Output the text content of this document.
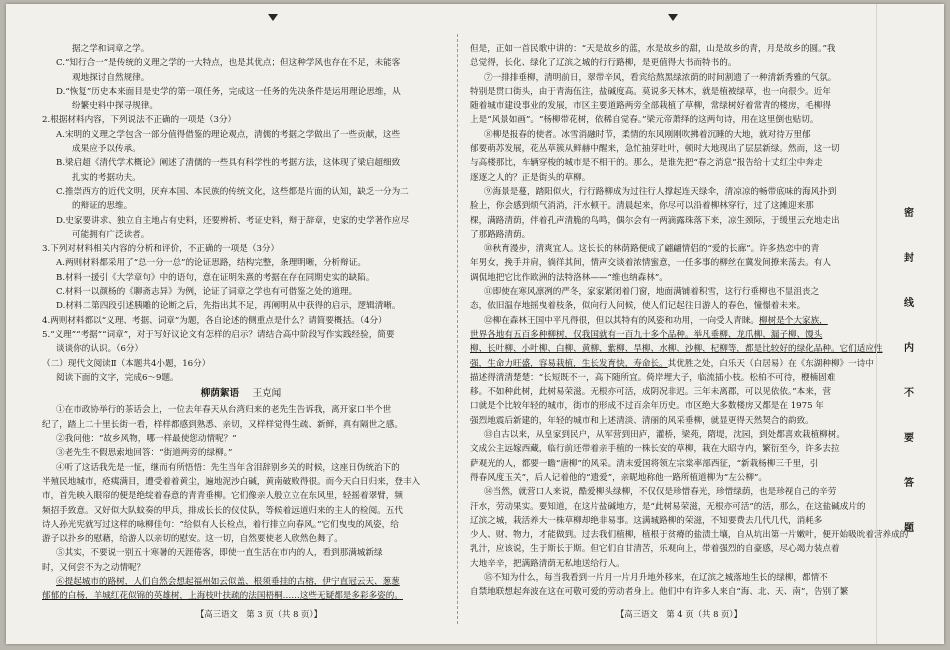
据之学和词章之学。
C.“知行合一”是传统的义理之学的一大特点，也是其优点；但这种学风也存在不足，未能客
观地探讨自然规律。
D.“恢复”历史本来面目是史学的第一项任务，完成这一任务的先决条件是运用理论思维，从
纷繁史料中探寻规律。
2.根据材料内容，下列说法不正确的一项是（3分）
A.宋明的义理之学包含一部分值得借鉴的理论观点，清儒的考据之学做出了一些贡献，这些
成果应予以传承。
B.梁启超《清代学术概论》阐述了清儒的一些具有科学性的考据方法，这体现了梁启超细致
扎实的考据功夫。
C.推崇西方的近代文明，厌弃本国、本民族的传统文化，这些都是片面的认知，缺乏一分为二
的辩证的思维。
D.史家要讲求、独立自主地占有史料，还要辨析、考证史料，辩于辞章，史家的史学著作应尽
可能拥有广泛读者。
3.下列对材料相关内容的分析和评价，不正确的一项是（3分）
A.两则材料都采用了“总一分一总”的论证思路，结构完整，条理明晰，分析辩证。
B.材料一援引《大学章句》中的语句，意在证明朱熹的考据在存在同期史实的缺陷。
C.材料一以颜杨的《聊斋志异》为例，论证了词章之学也有可借鉴之处的道理。
D.材料二第四段引述胰雕的论断之后，先指出其不足，再阐明从中获得的启示，逻辑清晰。
4.两则材料都以“义理、考据、词章”为题，各自论述的侧重点是什么？请简要概括。（4分）
5.“义理”“考据”“词章”，对于写好议论文有怎样的启示？请结合高中阶段写作实践经验，简要
谈谈你的认识。（6分）
（二）现代文阅读Ⅱ（本题共4小题，16分）
阅读下面的文字，完成6～9题。
柳荫絮语 王克闻
①在市政协举行的茶话会上，一位去年春天从台湾归来的老先生告诉我，离开家口半个世
纪了，踏上二十里长街一看，样样都感到熟悉、亲切，又样样觉得生疏、新鲜，真有隔世之感。
②我问他：“故乡风物，哪一样最使您动情呢？”
③老先生不假思索地回答：“街道两旁的绿柳。”
④听了这话我先是一怔，继而有所悟悟：先生当年含泪辞别乡关的时候，这座日伪统治下的
半殖民地城市，疮痍满目，遭受着着黄尘，遍地泥沙白碱，黄南破败得很。而今天白日归来，登丰入
市，首先映入眼帘的便是绝绽着春意的青青垂柳。它们像亲人般立立在东风里，轻摇着翠臂，频
频招手致意。又好似大队蚊奏的甲兵，排成长长的仪仗队，等候着远道归来的主人的检阅。五代
诗人孙光宪就写过这样的咏柳佳句：“给似有人长检点，着行排立向春风。”它们曳曳的风姿，给
游子以扑乡的慰藉，给游人以亲切的慰安。这一切，自然要使老人欣然色舞了。
⑤其实，不要说一别五十寒暑的天涯倦客，即使一直生活在市内的人，看到那满城新绿
时，又何尝不为之动情呢？
⑥提起城市的路树，人们自然会想起福州如云似盖、根须垂挂的古榕，伊宁直冠云天、葱葱
郁郁的白杨，羊城红花似锦的英雄树，上海枝叶扶疏的法国梧桐……这些无疑都是多彩多姿的。
【高三语文　第 3 页（共 8 页）】
但是，正如一首民歌中讲的：“天是故乡的蓝，水是故乡的甜，山是故乡的青，月是故乡的圆。”我
总觉得，长化、绿化了辽滨之城的行行路柳，是更值得大书而特书的。
⑦一排排垂柳，清明前日，翠带辛风，看宾给熬黑绿浓荫的时间割遗了一种清新秀雅的气氛。
特别是贯口街头，由于青海伍注，盐碱度高。莫说多天林木，就是植被绿草，也一向很少。近年
随着城市建设事业的发展，市区主要道路两旁全部栽植了草柳，常绿树好着常青的楼房，毛柳得
上是“风景如画”。“杨柳带花树，依稀自觉春。”梁元帝萧绎的这两句诗，用在这里倒也贴切。
⑧柳是报春的使者。冰雪消融时节，柔情的东风刚刚吹拂着沉睡的大地，就对待万里郁
郁要萌苏发展，花丛草簇从鲜赫中醒来，急忙抽芽吐叶，顿时大地现出了层层新绿。然而，这一切
与高楼那比，车辆穿梭的城市是不相干的。那么，是谁先把“春之消息”报告给十丈红尘中奔走
逐逐之人的？正是街头的草柳。
⑨海景是蔓，踏阳似火，行行路柳成为过往行人撑起连天绿伞，清凉凉的畅带底味的海风扑到
脸上，你会感到烦气消消，汗水顿干。清晨起来，你尽可以沿着柳林穿行，过了这摊迎来那
棵，满路清荫，伴着孔声清脆的鸟鸣，偶尔会有一两滴露珠落下来，凉生颈际，于缓里云充地走出
了那路路清荫。
⑩秋育漫步，清爽宜人。这长长的林荫路便成了翩翩情侣的“爱的长廊”。许多热恋中的青
年男女，挽手并肩，徜徉其间，情声交谈着浓情蜜意，一任多事的柳丝在冀发间撩来荡去。有人
调侃地把它比作欧洲的法特洛林——“维也纳森林”。
⑪即使在寒风凛冽的严冬，家家紧闭着门窗，地面满铺着积雪，这行行垂柳也不显沮丧之
态，依旧温存地摇曳着枝条，似向行人问候，使人们记起往日游人的春色，憧憬着未来。
⑫柳在森林王国中平凡得很，但以其特有的风姿和功用，一向受人青睐。柳树是个大家族，
世界各地有五百多种柳树，仅我国就有一百九十多个品种。举凡垂柳、龙爪柳、漏子柳、馒头
柳、长叶柳、小叶柳、白柳、黄柳、紫柳、旱柳、水柳、沙柳、杞柳等，都是比较好的绿化品种。它们适应性
强，生命力旺盛，容易栽植，生长发育快，寿命长。其优胜之处，白乐天（白居易）在《东湖种柳》一诗中
描述得清清楚楚：“长短既不一，高下随所宜。倚岸埋大子，临流插小枝。松柏不可待，楩楠固难
移。不如种此树，此树易荣滋。无根亦可活，成阴况非迟。三年未离郡，可以见依依。”本来，营
口就是个比较年轻的城市，街市的形成不过百余年历史。市区绝大多数楼房又都是在 1975 年
强烈地震后新建的，年轻的城市和上述清淡、清丽的风采垂柳，就显更得天然契合的韵致。
⑬自古以来，从皇家到民户，从军营到田庐，灌桥，梁苑，隋堤，沈园，到处都喜欢栽植柳树。
文成公主远嫁西藏，临行前还带着亲手植的一株长安的草柳，栽在大昭寺内，繁衍至今，许多去拉
萨观光的人，都要一瞻“唐柳”的风采。清末爱国将领左宗棠率部西征，“新栽杨柳三千里，引
得春风度玉关”，后人记着他的“遗爱”，亲昵地称他一路所植道柳为“左公柳”。
⑭当然，就营口人来说，酷爱柳头绿柳，不仅仅是珍惜春光，珍惜绿荫，也是珍视自己的辛劳
汗水，劳动果实。要知道，在这片盐碱地方，是“此树易荣滋，无根亦可活”的活，那么，在这盐碱成片的
辽滨之城，栽活养大一株草柳却绝非易事。这满城路柳的荣滋，不知要费去几代几代，消耗多
少人、财、物力，才能做到。过去我们植柳，植根于贫瘠的盐渍土壤，自从坑出第一片嫩叶，便开始吸吮着营养成的
乳汁，应该说，生于斯长于斯。但它们自甘清苦，乐观向上，带着强烈的自豪感，尽心竭力装点着
大地辛辛，把满路清荫无私地送给行人。
⑮不知为什么，每当我看到一片月一片月升地外移来，在辽滨之城落地生长的绿柳，都情不
自禁地联想起奔波在这在可敬可爱的劳动者身上。他们中有许多人来自“海、北、天、南”，告别了繁
【高三语文　第 4 页（共 8 页）】
密
封
线
内
不
要
答
题
